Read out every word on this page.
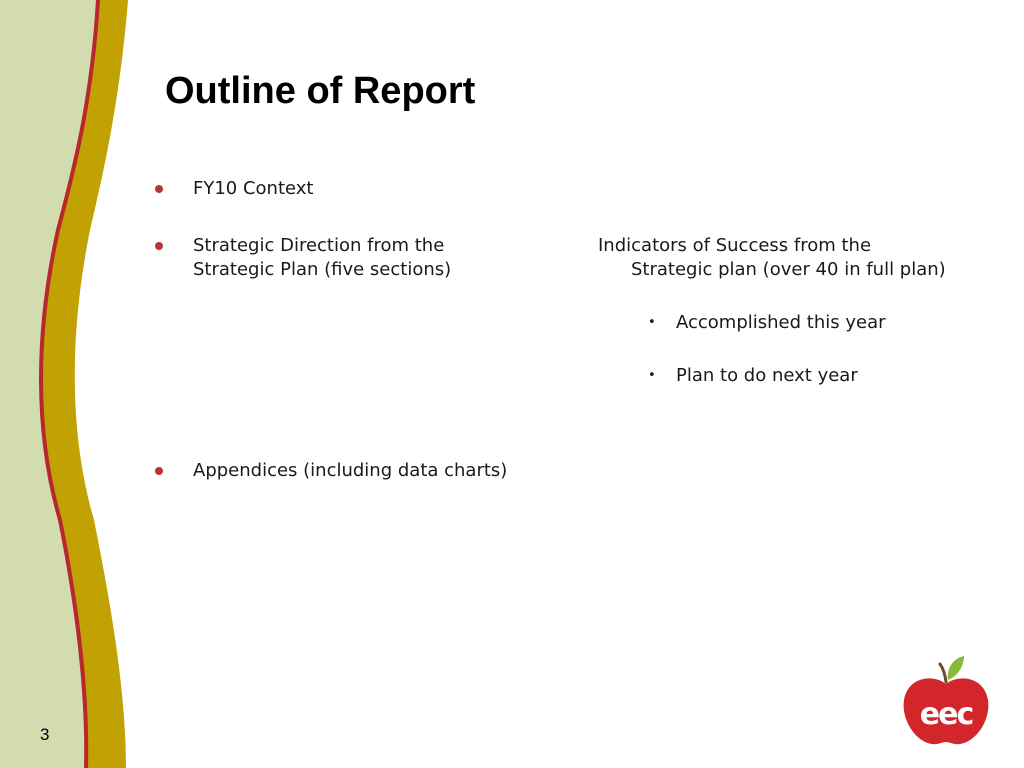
Outline of Report
FY10 Context
Strategic Direction from the Strategic Plan (five sections)
Appendices (including data charts)
Indicators of Success from the Strategic plan (over 40 in full plan)
• Accomplished this year
• Plan to do next year
3
eec
